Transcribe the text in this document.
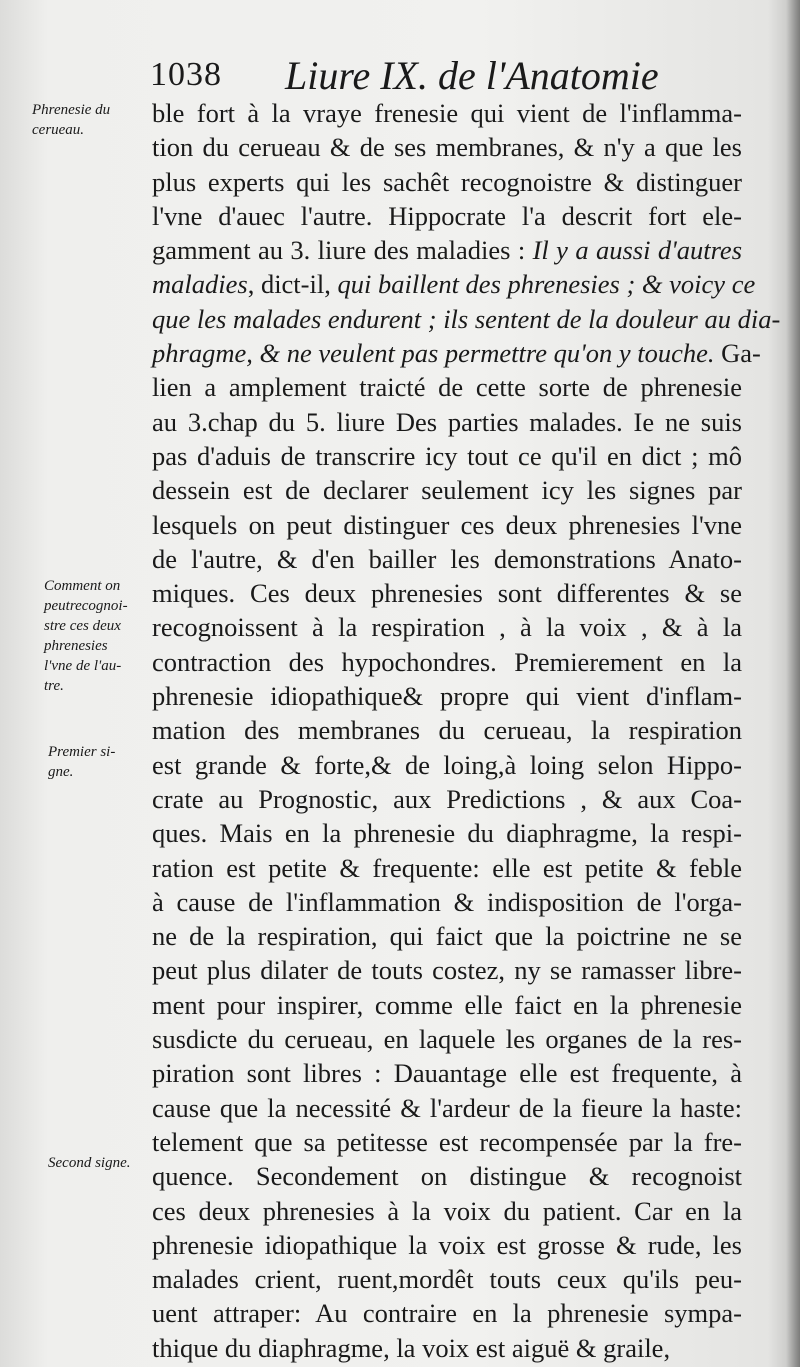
1038 Liure IX. de l'Anatomie
Phrenesie du
cerueau.
Comment on
peutrecognoi-
stre ces deux
phrenesies
l'vne de l'au-
tre.
Premier si-
gne.
Second signe.
ble fort à la vraye frenesie qui vient de l'inflamma-
tion du cerueau & de ses membranes, & n'y a que les
plus experts qui les sachêt recognoistre & distinguer
l'vne d'auec l'autre. Hippocrate l'a descrit fort ele-
gamment au 3. liure des maladies : Il y a aussi d'autres
maladies, dict-il, qui baillent des phrenesies ; & voicy ce
que les malades endurent ; ils sentent de la douleur au dia-
phragme, & ne veulent pas permettre qu'on y touche. Ga-
lien a amplement traicté de cette sorte de phrenesie
au 3.chap du 5. liure Des parties malades. Ie ne suis
pas d'aduis de transcrire icy tout ce qu'il en dict ; mô
dessein est de declarer seulement icy les signes par
lesquels on peut distinguer ces deux phrenesies l'vne
de l'autre, & d'en bailler les demonstrations Anato-
miques. Ces deux phrenesies sont differentes & se
recognoissent à la respiration , à la voix , & à la
contraction des hypochondres. Premierement en la
phrenesie idiopathique& propre qui vient d'inflam-
mation des membranes du cerueau, la respiration
est grande & forte,& de loing,à loing selon Hippo-
crate au Prognostic, aux Predictions , & aux Coa-
ques. Mais en la phrenesie du diaphragme, la respi-
ration est petite & frequente: elle est petite & feble
à cause de l'inflammation & indisposition de l'orga-
ne de la respiration, qui faict que la poictrine ne se
peut plus dilater de touts costez, ny se ramasser libre-
ment pour inspirer, comme elle faict en la phrenesie
susdicte du cerueau, en laquele les organes de la res-
piration sont libres : Dauantage elle est frequente, à
cause que la necessité & l'ardeur de la fieure la haste:
telement que sa petitesse est recompensée par la fre-
quence. Secondement on distingue & recognoist
ces deux phrenesies à la voix du patient. Car en la
phrenesie idiopathique la voix est grosse & rude, les
malades crient, ruent,mordêt touts ceux qu'ils peu-
uent attraper: Au contraire en la phrenesie sympa-
thique du diaphragme, la voix est aiguë & graile,
